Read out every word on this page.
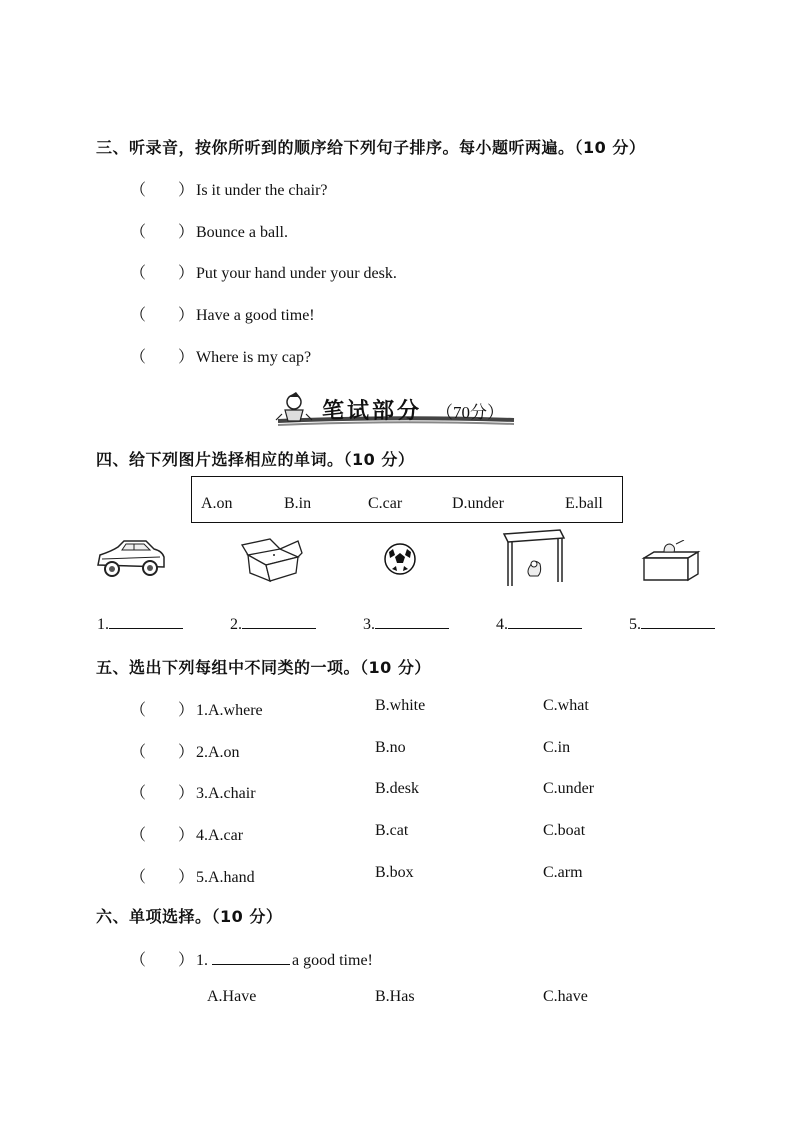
三、听录音，按你所听到的顺序给下列句子排序。每小题听两遍。（10 分）
（　　） Is it under the chair?
（　　） Bounce a ball.
（　　） Put your hand under your desk.
（　　） Have a good time!
（　　） Where is my cap?
笔试部分 （70分）
四、给下列图片选择相应的单词。（10 分）
A.on	B.in	C.car	D.under	E.ball
1.	2.	3.	4.	5.
五、选出下列每组中不同类的一项。（10 分）
（　　） 1.A.where	B.white	C.what
（　　） 2.A.on	B.no	C.in
（　　） 3.A.chair	B.desk	C.under
（　　） 4.A.car	B.cat	C.boat
（　　） 5.A.hand	B.box	C.arm
六、单项选择。（10 分）
（　　） 1.	a good time!
A.Have	B.Has	C.have
